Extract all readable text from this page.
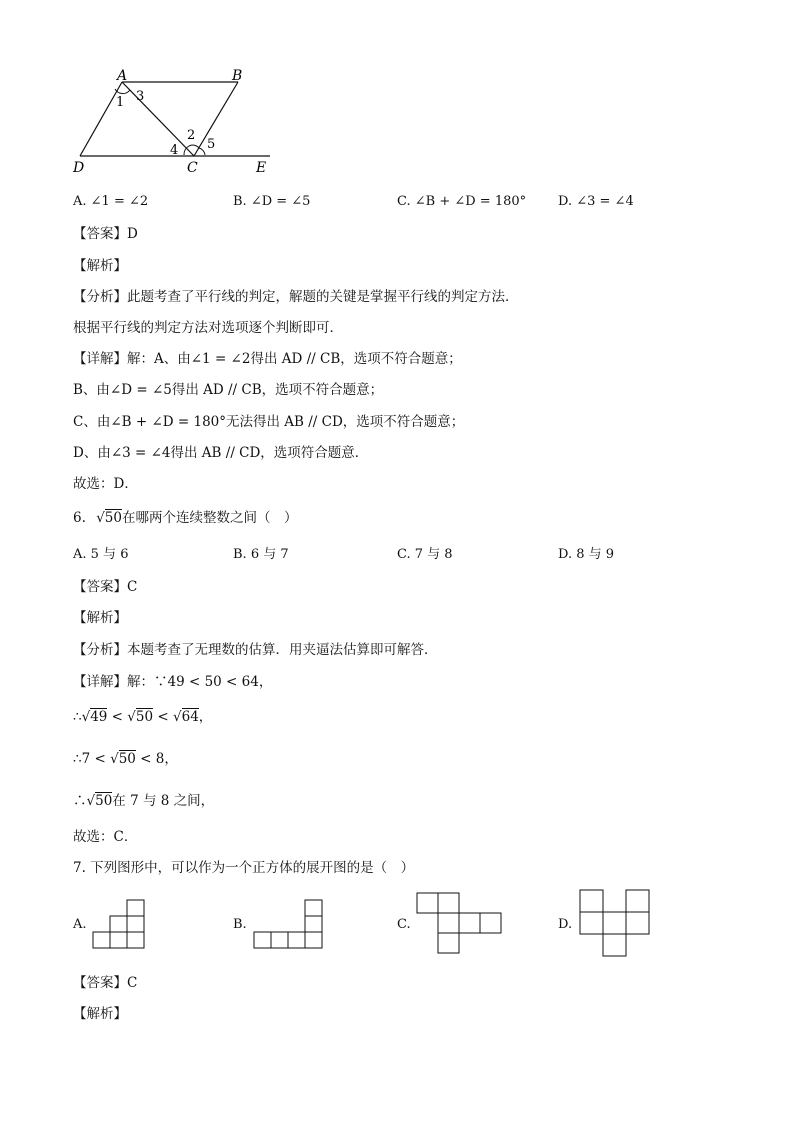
A	B
C
D	E
1 3
2
4 5
A. ∠1 = ∠2	B. ∠D = ∠5	C. ∠B + ∠D = 180° D. ∠3 = ∠4
【答案】D
【解析】
【分析】此题考查了平行线的判定，解题的关键是掌握平行线的判定方法．
根据平行线的判定方法对选项逐个判断即可．
【详解】解：A、由∠1 = ∠2得出 AD // CB，选项不符合题意；
B、由∠D = ∠5得出 AD // CB，选项不符合题意；
C、由∠B + ∠D = 180°无法得出 AB // CD，选项不符合题意；
D、由∠3 = ∠4得出 AB // CD，选项符合题意．
故选：D．
6. √50在哪两个连续整数之间（　）
A. 5 与 6	B. 6 与 7	C. 7 与 8	D. 8 与 9
【答案】C
【解析】
【分析】本题考查了无理数的估算．用夹逼法估算即可解答．
【详解】解：∵49 < 50 < 64，
∴√49 < √50 < √64，
∴7 < √50 < 8，
∴√50在 7 与 8 之间，
故选：C．
7. 下列图形中，可以作为一个正方体的展开图的是（　）
A.	B.	C.	D.
【答案】C
【解析】
